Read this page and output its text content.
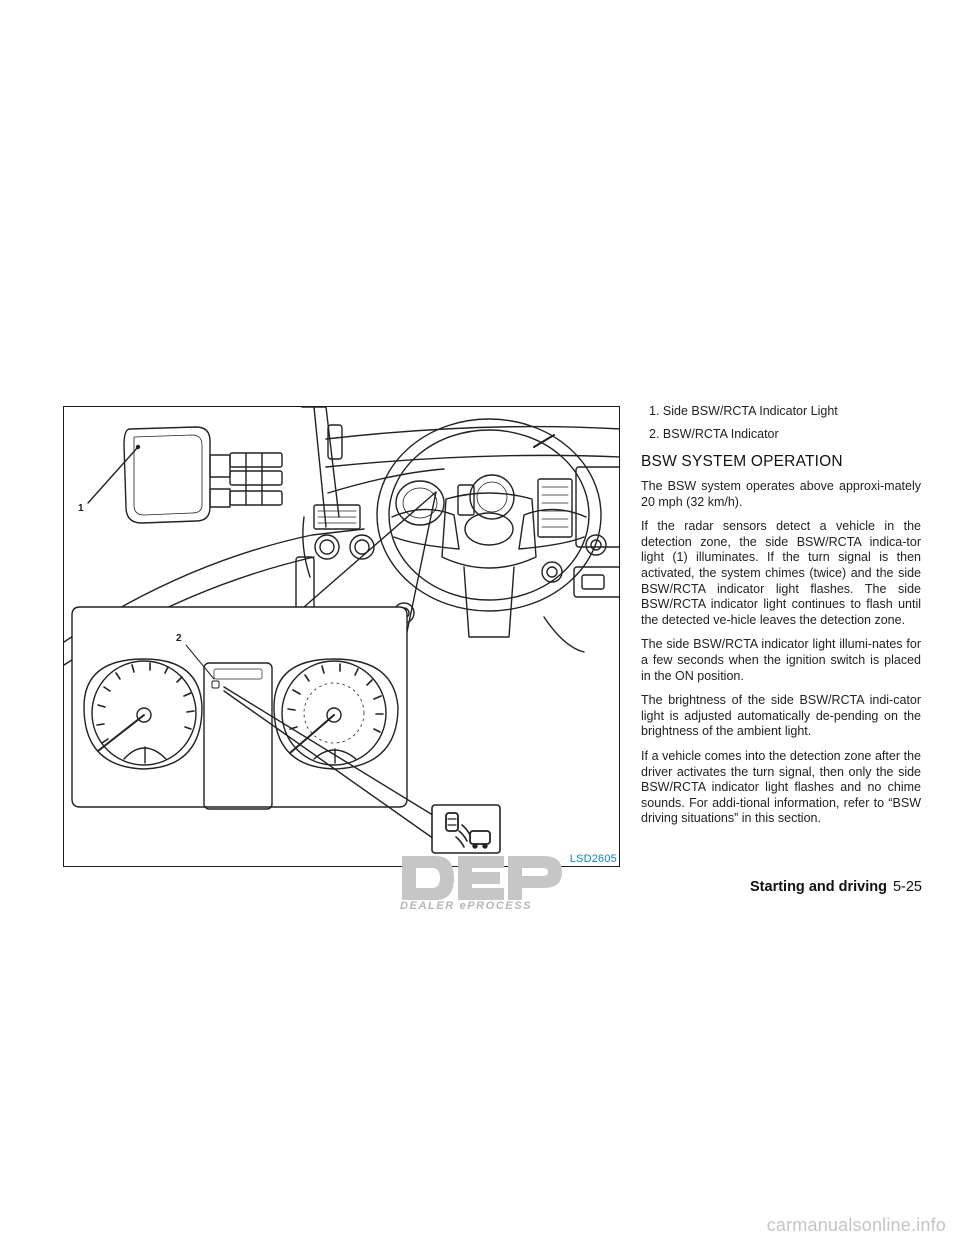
1
2
LSD2605

1. Side BSW/RCTA Indicator Light

2. BSW/RCTA Indicator

BSW SYSTEM OPERATION

The BSW system operates above approxi-mately 20 mph (32 km/h).

If the radar sensors detect a vehicle in the detection zone, the side BSW/RCTA indica-tor light (1) illuminates. If the turn signal is then activated, the system chimes (twice) and the side BSW/RCTA indicator light flashes. The side BSW/RCTA indicator light continues to flash until the detected ve-hicle leaves the detection zone.

The side BSW/RCTA indicator light illumi-nates for a few seconds when the ignition switch is placed in the ON position.

The brightness of the side BSW/RCTA indi-cator light is adjusted automatically de-pending on the brightness of the ambient light.

If a vehicle comes into the detection zone after the driver activates the turn signal, then only the side BSW/RCTA indicator light flashes and no chime sounds. For addi-tional information, refer to “BSW driving situations” in this section.

DEALER ePROCESS
Starting and driving 5-25
carmanualsonline.info
